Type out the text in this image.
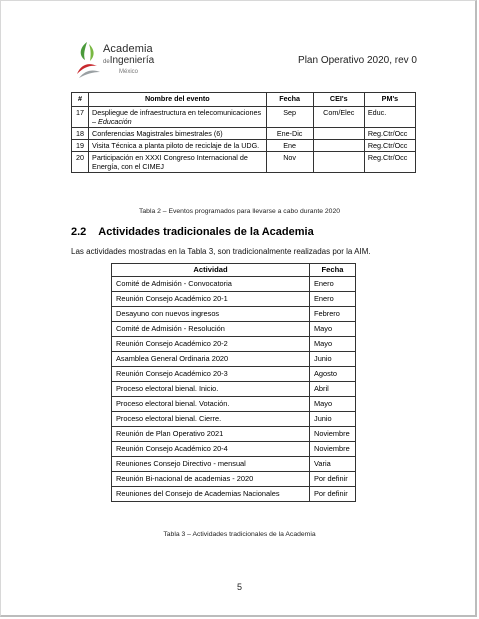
Academia
deIngeniería
México
Plan Operativo 2020, rev 0
#	Nombre del evento	Fecha	CEI's	PM's
17	Despliegue de infraestructura en telecomunicaciones – Educación	Sep	Com/Elec	Educ.
18	Conferencias Magistrales bimestrales (6)	Ene-Dic		Reg.Ctr/Occ
19	Visita Técnica a planta piloto de reciclaje de la UDG.	Ene		Reg.Ctr/Occ
20	Participación en XXXI Congreso Internacional de Energía, con el CIMEJ	Nov		Reg.Ctr/Occ
Tabla 2 – Eventos programados para llevarse a cabo durante 2020
2.2 Actividades tradicionales de la Academia
Las actividades mostradas en la Tabla 3, son tradicionalmente realizadas por la AIM.
Actividad	Fecha
Comité de Admisión - Convocatoria	Enero
Reunión Consejo Académico 20-1	Enero
Desayuno con nuevos ingresos	Febrero
Comité de Admisión - Resolución	Mayo
Reunión Consejo Académico 20-2	Mayo
Asamblea General Ordinaria 2020	Junio
Reunión Consejo Académico 20-3	Agosto
Proceso electoral bienal. Inicio.	Abril
Proceso electoral bienal. Votación.	Mayo
Proceso electoral bienal. Cierre.	Junio
Reunión de Plan Operativo 2021	Noviembre
Reunión Consejo Académico 20-4	Noviembre
Reuniones Consejo Directivo - mensual	Varia
Reunión Bi-nacional de academias - 2020	Por definir
Reuniones del Consejo de Academias Nacionales	Por definir
Tabla 3 – Actividades tradicionales de la Academia
5
